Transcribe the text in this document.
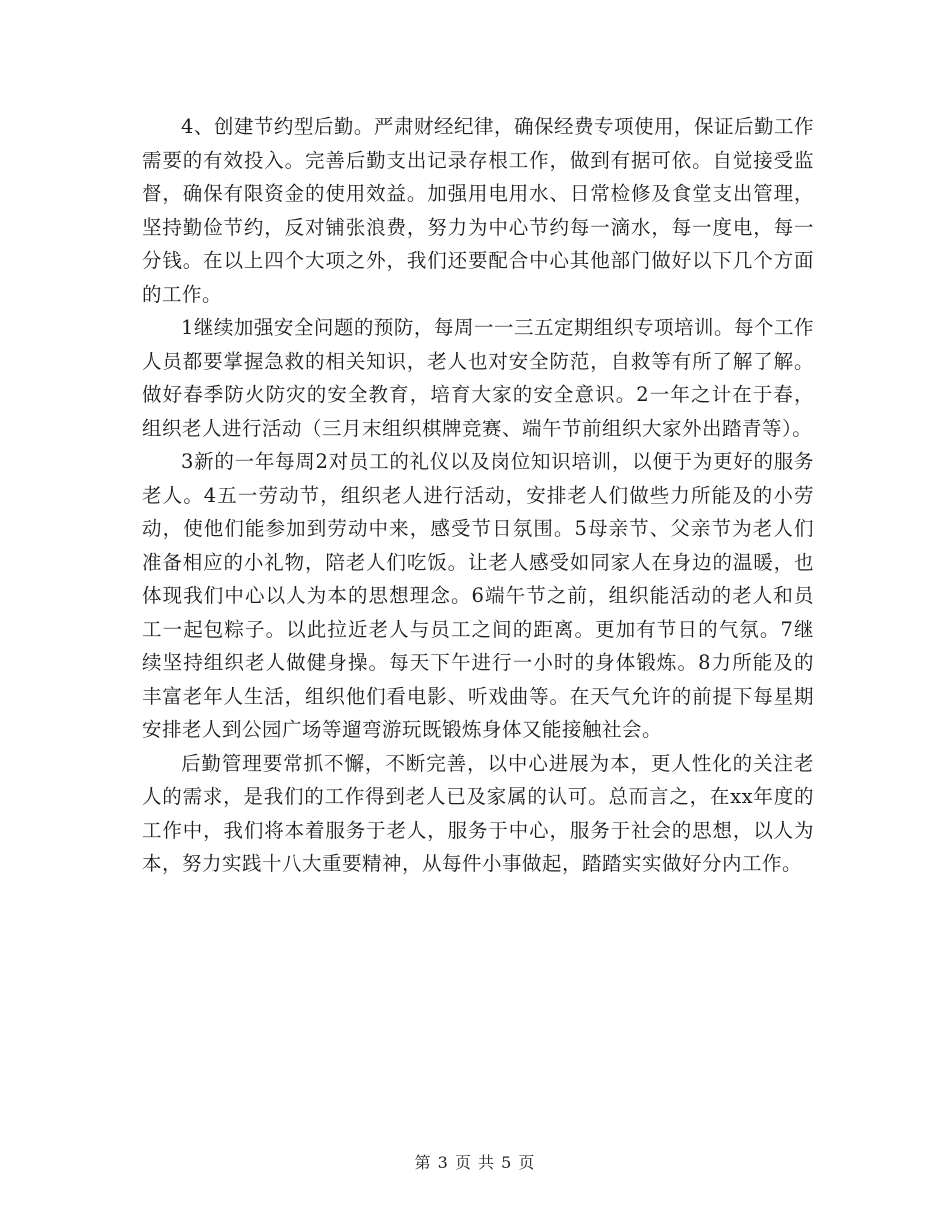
4、创建节约型后勤。严肃财经纪律，确保经费专项使用，保证后勤工作需要的有效投入。完善后勤支出记录存根工作，做到有据可依。自觉接受监督，确保有限资金的使用效益。加强用电用水、日常检修及食堂支出管理，坚持勤俭节约，反对铺张浪费，努力为中心节约每一滴水，每一度电，每一分钱。在以上四个大项之外，我们还要配合中心其他部门做好以下几个方面的工作。

1继续加强安全问题的预防，每周一一三五定期组织专项培训。每个工作人员都要掌握急救的相关知识，老人也对安全防范，自救等有所了解了解。做好春季防火防灾的安全教育，培育大家的安全意识。2一年之计在于春，组织老人进行活动（三月末组织棋牌竞赛、端午节前组织大家外出踏青等）。

3新的一年每周2对员工的礼仪以及岗位知识培训，以便于为更好的服务老人。4五一劳动节，组织老人进行活动，安排老人们做些力所能及的小劳动，使他们能参加到劳动中来，感受节日氛围。5母亲节、父亲节为老人们准备相应的小礼物，陪老人们吃饭。让老人感受如同家人在身边的温暖，也体现我们中心以人为本的思想理念。6端午节之前，组织能活动的老人和员工一起包粽子。以此拉近老人与员工之间的距离。更加有节日的气氛。7继续坚持组织老人做健身操。每天下午进行一小时的身体锻炼。8力所能及的丰富老年人生活，组织他们看电影、听戏曲等。在天气允许的前提下每星期安排老人到公园广场等遛弯游玩既锻炼身体又能接触社会。

后勤管理要常抓不懈，不断完善，以中心进展为本，更人性化的关注老人的需求，是我们的工作得到老人已及家属的认可。总而言之，在xx年度的工作中，我们将本着服务于老人，服务于中心，服务于社会的思想，以人为本，努力实践十八大重要精神，从每件小事做起，踏踏实实做好分内工作。

第 3 页 共 5 页
